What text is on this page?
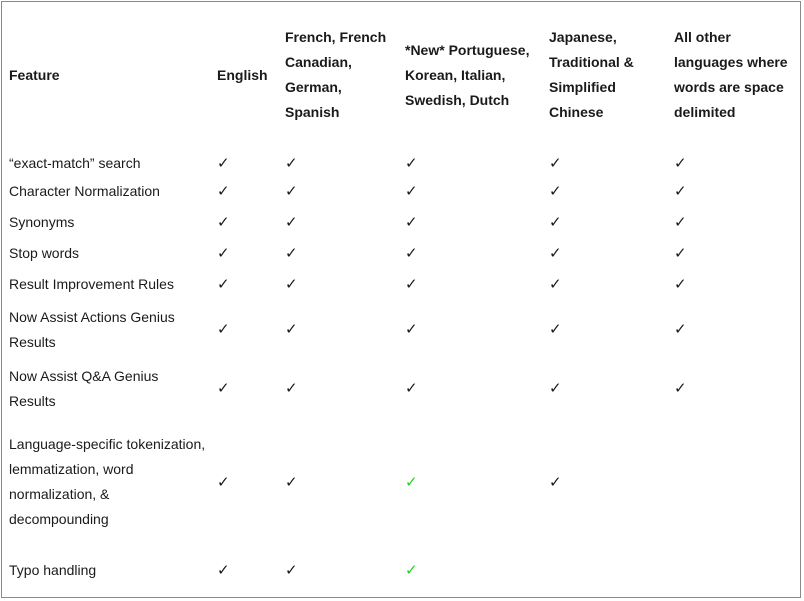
Feature	English	French, French Canadian, German, Spanish	*New* Portuguese, Korean, Italian, Swedish, Dutch	Japanese, Traditional & Simplified Chinese	All other languages where words are space delimited

“exact-match” search	✓	✓	✓	✓	✓

Character Normalization	✓	✓	✓	✓	✓

Synonyms	✓	✓	✓	✓	✓

Stop words	✓	✓	✓	✓	✓

Result Improvement Rules	✓	✓	✓	✓	✓

Now Assist Actions Genius Results	✓	✓	✓	✓	✓

Now Assist Q&A Genius Results	✓	✓	✓	✓	✓

Language-specific tokenization, lemmatization, word normalization, & decompounding	✓	✓	✓	✓	

Typo handling	✓	✓	✓		
